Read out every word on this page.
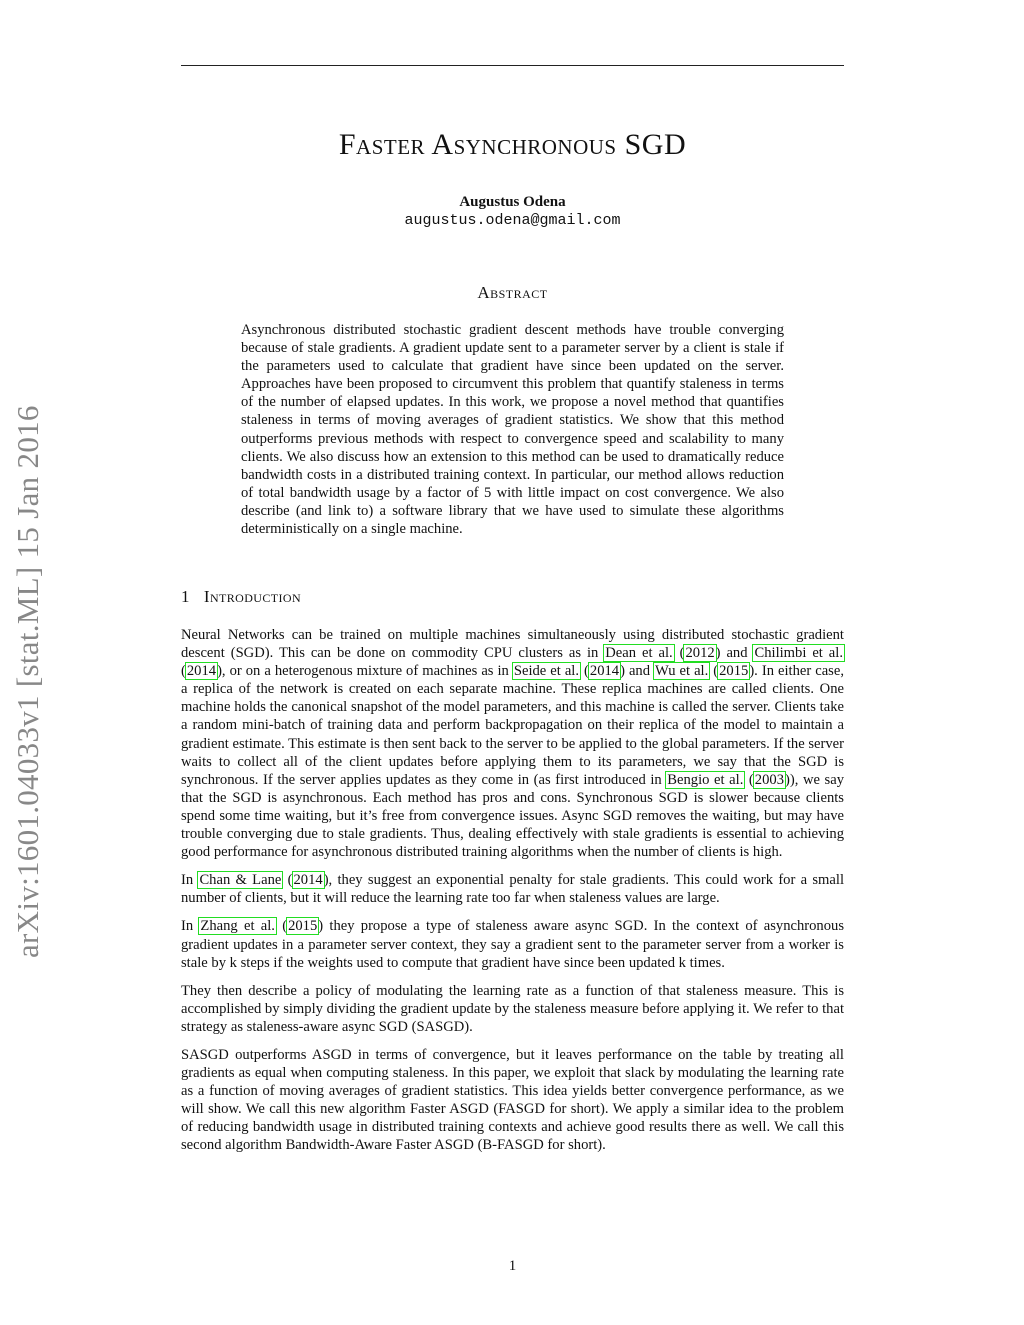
Faster Asynchronous SGD
Augustus Odena
augustus.odena@gmail.com
Abstract
Asynchronous distributed stochastic gradient descent methods have trouble converging because of stale gradients. A gradient update sent to a parameter server by a client is stale if the parameters used to calculate that gradient have since been updated on the server. Approaches have been proposed to circumvent this problem that quantify staleness in terms of the number of elapsed updates. In this work, we propose a novel method that quantifies staleness in terms of moving averages of gradient statistics. We show that this method outperforms previous methods with respect to convergence speed and scalability to many clients. We also discuss how an extension to this method can be used to dramatically reduce bandwidth costs in a distributed training context. In particular, our method allows reduction of total bandwidth usage by a factor of 5 with little impact on cost convergence. We also describe (and link to) a software library that we have used to simulate these algorithms deterministically on a single machine.
1 Introduction

Neural Networks can be trained on multiple machines simultaneously using distributed stochastic gradient descent (SGD). This can be done on commodity CPU clusters as in Dean et al. (2012) and Chilimbi et al. (2014), or on a heterogenous mixture of machines as in Seide et al. (2014) and Wu et al. (2015). In either case, a replica of the network is created on each separate machine. These replica machines are called clients. One machine holds the canonical snapshot of the model parameters, and this machine is called the server. Clients take a random mini-batch of training data and perform backpropagation on their replica of the model to maintain a gradient estimate. This estimate is then sent back to the server to be applied to the global parameters. If the server waits to collect all of the client updates before applying them to its parameters, we say that the SGD is synchronous. If the server applies updates as they come in (as first introduced in Bengio et al. (2003)), we say that the SGD is asynchronous. Each method has pros and cons. Synchronous SGD is slower because clients spend some time waiting, but it’s free from convergence issues. Async SGD removes the waiting, but may have trouble converging due to stale gradients. Thus, dealing effectively with stale gradients is essential to achieving good performance for asynchronous distributed training algorithms when the number of clients is high.

In Chan & Lane (2014), they suggest an exponential penalty for stale gradients. This could work for a small number of clients, but it will reduce the learning rate too far when staleness values are large.

In Zhang et al. (2015) they propose a type of staleness aware async SGD. In the context of asynchronous gradient updates in a parameter server context, they say a gradient sent to the parameter server from a worker is stale by k steps if the weights used to compute that gradient have since been updated k times.

They then describe a policy of modulating the learning rate as a function of that staleness measure. This is accomplished by simply dividing the gradient update by the staleness measure before applying it. We refer to that strategy as staleness-aware async SGD (SASGD).

SASGD outperforms ASGD in terms of convergence, but it leaves performance on the table by treating all gradients as equal when computing staleness. In this paper, we exploit that slack by modulating the learning rate as a function of moving averages of gradient statistics. This idea yields better convergence performance, as we will show. We call this new algorithm Faster ASGD (FASGD for short). We apply a similar idea to the problem of reducing bandwidth usage in distributed training contexts and achieve good results there as well. We call this second algorithm Bandwidth-Aware Faster ASGD (B-FASGD for short).

1
arXiv:1601.04033v1 [stat.ML] 15 Jan 2016
